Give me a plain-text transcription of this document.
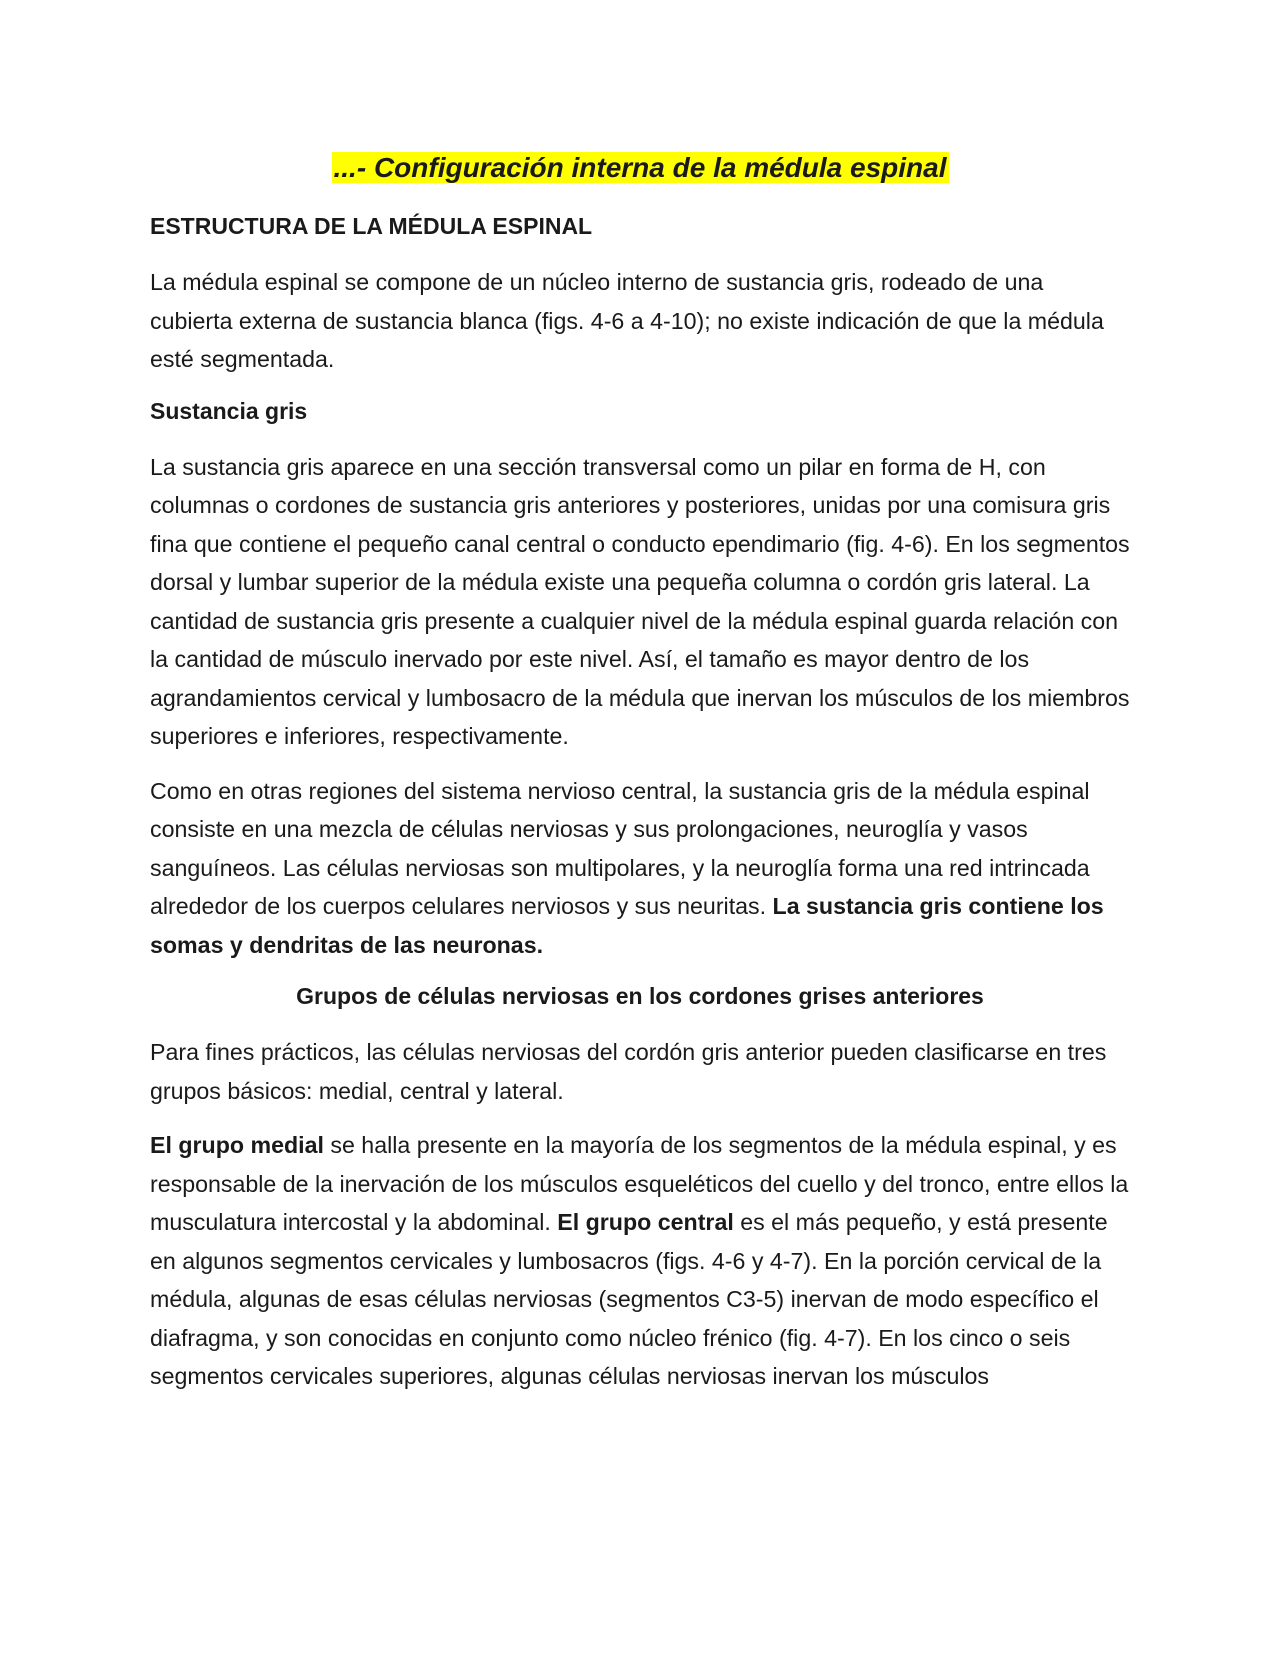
...- Configuración interna de la médula espinal
ESTRUCTURA DE LA MÉDULA ESPINAL

La médula espinal se compone de un núcleo interno de sustancia gris, rodeado de una cubierta externa de sustancia blanca (figs. 4-6 a 4-10); no existe indicación de que la médula esté segmentada.

Sustancia gris

La sustancia gris aparece en una sección transversal como un pilar en forma de H, con columnas o cordones de sustancia gris anteriores y posteriores, unidas por una comisura gris fina que contiene el pequeño canal central o conducto ependimario (fig. 4-6). En los segmentos dorsal y lumbar superior de la médula existe una pequeña columna o cordón gris lateral. La cantidad de sustancia gris presente a cualquier nivel de la médula espinal guarda relación con la cantidad de músculo inervado por este nivel. Así, el tamaño es mayor dentro de los agrandamientos cervical y lumbosacro de la médula que inervan los músculos de los miembros superiores e inferiores, respectivamente.

Como en otras regiones del sistema nervioso central, la sustancia gris de la médula espinal consiste en una mezcla de células nerviosas y sus prolongaciones, neuroglía y vasos sanguíneos. Las células nerviosas son multipolares, y la neuroglía forma una red intrincada alrededor de los cuerpos celulares nerviosos y sus neuritas. La sustancia gris contiene los somas y dendritas de las neuronas.

Grupos de células nerviosas en los cordones grises anteriores

Para fines prácticos, las células nerviosas del cordón gris anterior pueden clasificarse en tres grupos básicos: medial, central y lateral.

El grupo medial se halla presente en la mayoría de los segmentos de la médula espinal, y es responsable de la inervación de los músculos esqueléticos del cuello y del tronco, entre ellos la musculatura intercostal y la abdominal. El grupo central es el más pequeño, y está presente en algunos segmentos cervicales y lumbosacros (figs. 4-6 y 4-7). En la porción cervical de la médula, algunas de esas células nerviosas (segmentos C3-5) inervan de modo específico el diafragma, y son conocidas en conjunto como núcleo frénico (fig. 4-7). En los cinco o seis segmentos cervicales superiores, algunas células nerviosas inervan los músculos
